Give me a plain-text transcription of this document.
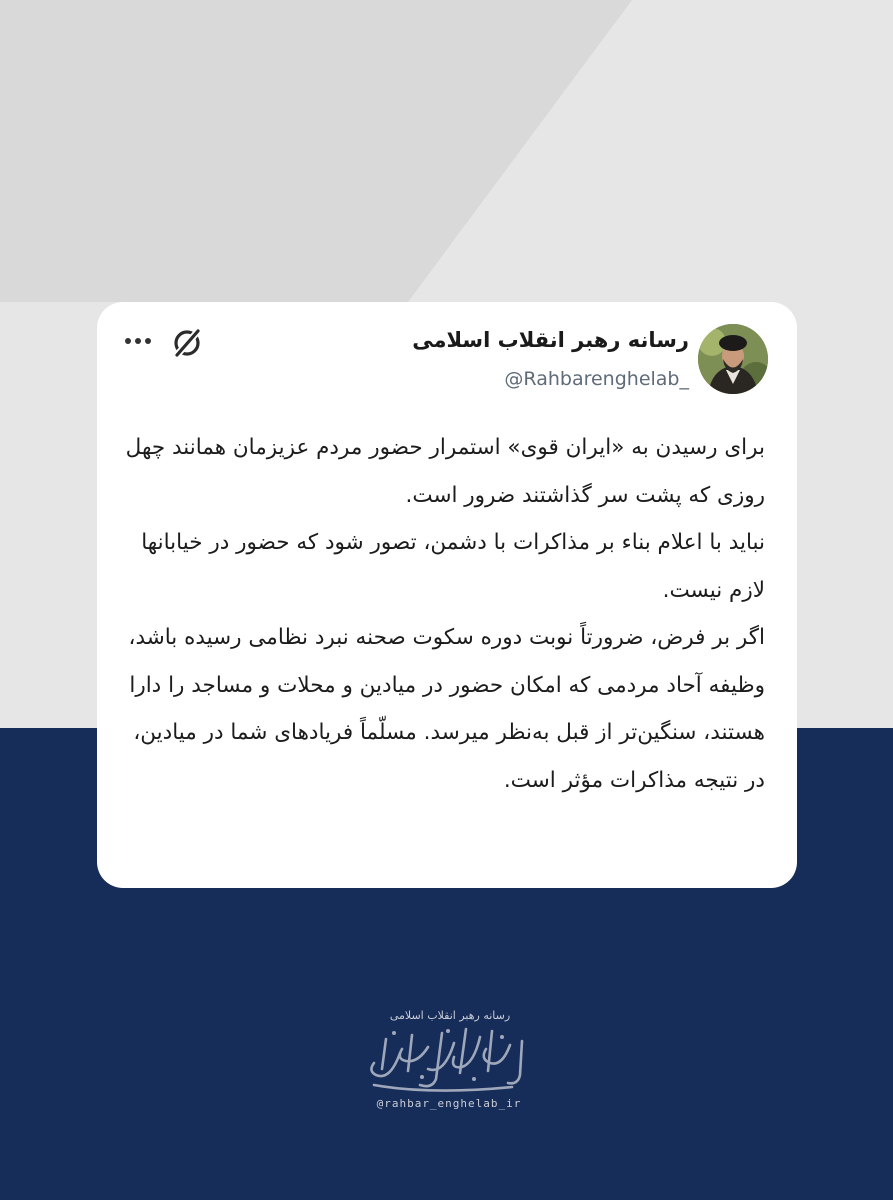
رسانه رهبر انقلاب اسلامی
@Rahbarenghelab_

برای رسیدن به «ایران قوی» استمرار حضور مردم عزیزمان همانند چهل روزی که پشت سر گذاشتند ضرور است.

نباید با اعلام بناء بر مذاکرات با دشمن، تصور شود که حضور در خیابانها لازم نیست.

اگر بر فرض، ضرورتاً نوبت دوره سکوت صحنه نبرد نظامی رسیده باشد، وظیفه آحاد مردمی که امکان حضور در میادین و محلات و مساجد را دارا هستند، سنگین‌تر از قبل به‌نظر میرسد. مسلّماً فریادهای شما در میادین، در نتیجه مذاکرات مؤثر است.

رسانه رهبر انقلاب اسلامی
@rahbar_enghelab_ir
